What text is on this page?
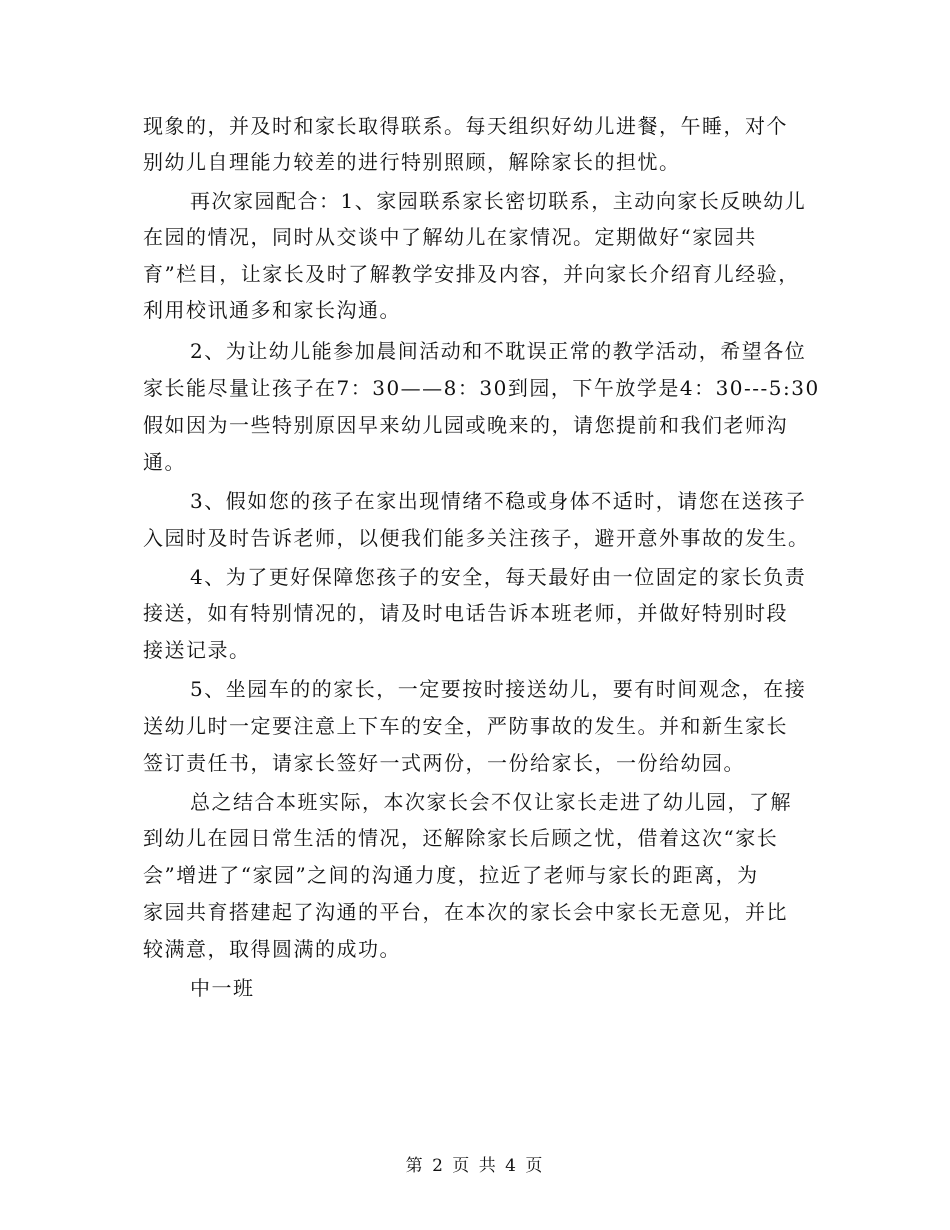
现象的，并及时和家长取得联系。每天组织好幼儿进餐，午睡，对个
别幼儿自理能力较差的进行特别照顾，解除家长的担忧。
再次家园配合：1、家园联系家长密切联系，主动向家长反映幼儿
在园的情况，同时从交谈中了解幼儿在家情况。定期做好“家园共
育”栏目，让家长及时了解教学安排及内容，并向家长介绍育儿经验，
利用校讯通多和家长沟通。
2、为让幼儿能参加晨间活动和不耽误正常的教学活动，希望各位
家长能尽量让孩子在7：30——8：30到园，下午放学是4：30---5:30
假如因为一些特别原因早来幼儿园或晚来的，请您提前和我们老师沟
通。
3、假如您的孩子在家出现情绪不稳或身体不适时，请您在送孩子
入园时及时告诉老师，以便我们能多关注孩子，避开意外事故的发生。
4、为了更好保障您孩子的安全，每天最好由一位固定的家长负责
接送，如有特别情况的，请及时电话告诉本班老师，并做好特别时段
接送记录。
5、坐园车的的家长，一定要按时接送幼儿，要有时间观念，在接
送幼儿时一定要注意上下车的安全，严防事故的发生。并和新生家长
签订责任书，请家长签好一式两份，一份给家长，一份给幼园。
总之结合本班实际，本次家长会不仅让家长走进了幼儿园，了解
到幼儿在园日常生活的情况，还解除家长后顾之忧，借着这次“家长
会”增进了“家园”之间的沟通力度，拉近了老师与家长的距离，为
家园共育搭建起了沟通的平台，在本次的家长会中家长无意见，并比
较满意，取得圆满的成功。
中一班
第 2 页 共 4 页
